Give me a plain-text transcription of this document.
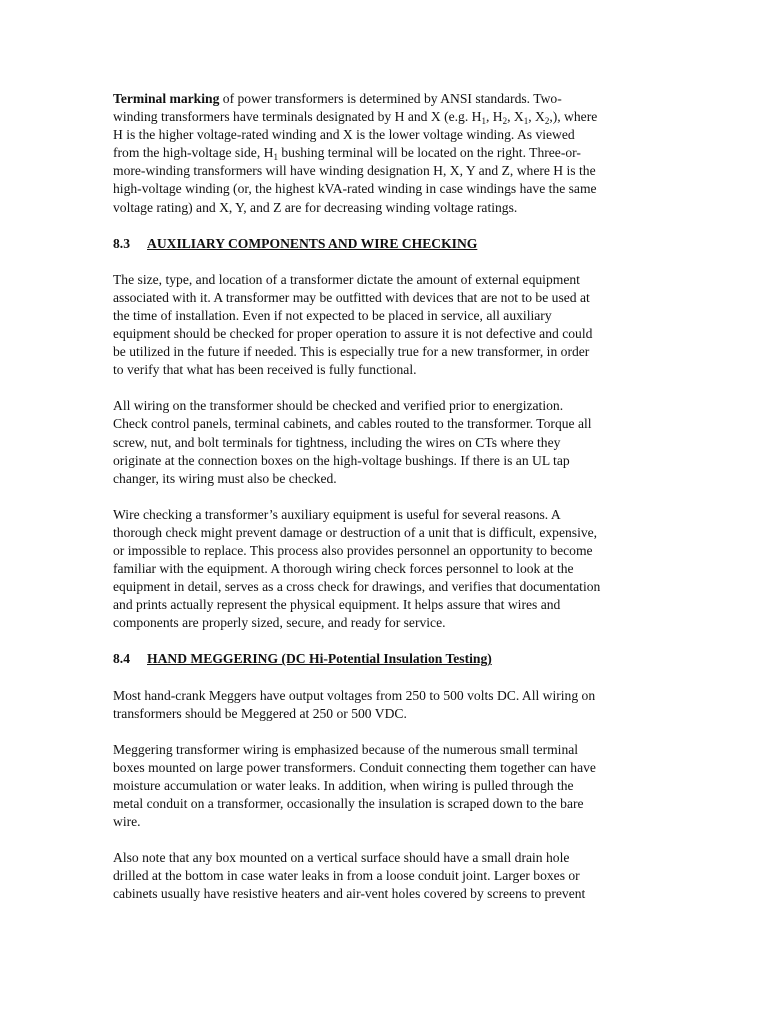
Terminal marking of power transformers is determined by ANSI standards. Two-
winding transformers have terminals designated by H and X (e.g. $H_1$, $H_2$, $X_1$, $X_2$,), where
H is the higher voltage-rated winding and X is the lower voltage winding. As viewed
from the high-voltage side, $H_1$ bushing terminal will be located on the right. Three-or-
more-winding transformers will have winding designation H, X, Y and Z, where H is the
high-voltage winding (or, the highest kVA-rated winding in case windings have the same
voltage rating) and X, Y, and Z are for decreasing winding voltage ratings.

8.3 AUXILIARY COMPONENTS AND WIRE CHECKING

The size, type, and location of a transformer dictate the amount of external equipment
associated with it. A transformer may be outfitted with devices that are not to be used at
the time of installation. Even if not expected to be placed in service, all auxiliary
equipment should be checked for proper operation to assure it is not defective and could
be utilized in the future if needed. This is especially true for a new transformer, in order
to verify that what has been received is fully functional.

All wiring on the transformer should be checked and verified prior to energization.
Check control panels, terminal cabinets, and cables routed to the transformer. Torque all
screw, nut, and bolt terminals for tightness, including the wires on CTs where they
originate at the connection boxes on the high-voltage bushings. If there is an UL tap
changer, its wiring must also be checked.

Wire checking a transformer’s auxiliary equipment is useful for several reasons. A
thorough check might prevent damage or destruction of a unit that is difficult, expensive,
or impossible to replace. This process also provides personnel an opportunity to become
familiar with the equipment. A thorough wiring check forces personnel to look at the
equipment in detail, serves as a cross check for drawings, and verifies that documentation
and prints actually represent the physical equipment. It helps assure that wires and
components are properly sized, secure, and ready for service.

8.4 HAND MEGGERING (DC Hi-Potential Insulation Testing)

Most hand-crank Meggers have output voltages from 250 to 500 volts DC. All wiring on
transformers should be Meggered at 250 or 500 VDC.

Meggering transformer wiring is emphasized because of the numerous small terminal
boxes mounted on large power transformers. Conduit connecting them together can have
moisture accumulation or water leaks. In addition, when wiring is pulled through the
metal conduit on a transformer, occasionally the insulation is scraped down to the bare
wire.

Also note that any box mounted on a vertical surface should have a small drain hole
drilled at the bottom in case water leaks in from a loose conduit joint. Larger boxes or
cabinets usually have resistive heaters and air-vent holes covered by screens to prevent
